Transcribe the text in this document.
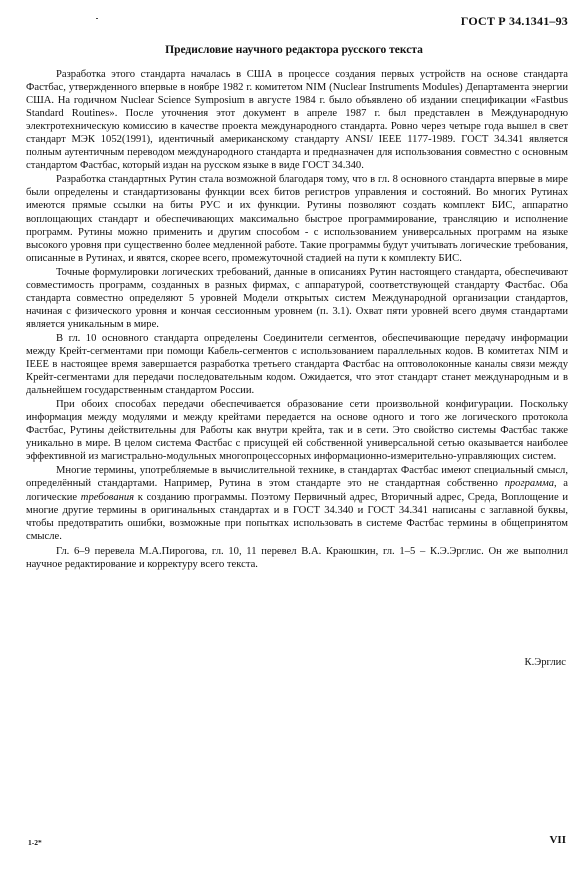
ГОСТ Р 34.1341–93
Предисловие научного редактора русского текста

Разработка этого стандарта началась в США в процессе создания первых устройств на основе стандарта Фастбас, утвержденного впервые в ноябре 1982 г. комитетом NIM (Nuclear Instruments Modules) Департамента энергии США. На годичном Nuclear Science Symposium в августе 1984 г. было объявлено об издании спецификации «Fastbus Standard Routines». После уточнения этот документ в апреле 1987 г. был представлен в Международную электротехническую комиссию в качестве проекта международного стандарта. Ровно через четыре года вышел в свет стандарт МЭК 1052(1991), идентичный американскому стандарту ANSI/ IEEE 1177-1989. ГОСТ 34.341 является полным аутентичным переводом международного стандарта и предназначен для использования совместно с основным стандартом Фастбас, который издан на русском языке в виде ГОСТ 34.340.

Разработка стандартных Рутин стала возможной благодаря тому, что в гл. 8 основного стандарта впервые в мире были определены и стандартизованы функции всех битов регистров управления и состояний. Во многих Рутинах имеются прямые ссылки на биты РУС и их функции. Рутины позволяют создать комплект БИС, аппаратно воплощающих стандарт и обеспечивающих максимально быстрое программирование, трансляцию и исполнение программ. Рутины можно применить и другим способом - с использованием универсальных программ на языке высокого уровня при существенно более медленной работе. Такие программы будут учитывать логические требования, описанные в Рутинах, и явятся, скорее всего, промежуточной стадией на пути к комплекту БИС.

Точные формулировки логических требований, данные в описаниях Рутин настоящего стандарта, обеспечивают совместимость программ, созданных в разных фирмах, с аппаратурой, соответствующей стандарту Фастбас. Оба стандарта совместно определяют 5 уровней Модели открытых систем Международной организации стандартов, начиная с физического уровня и кончая сессионным уровнем (п. 3.1). Охват пяти уровней всего двумя стандартами является уникальным в мире.

В гл. 10 основного стандарта определены Соединители сегментов, обеспечивающие передачу информации между Крейт-сегментами при помощи Кабель-сегментов с использованием параллельных кодов. В комитетах NIM и IEEE в настоящее время завершается разработка третьего стандарта Фастбас на оптоволоконные каналы связи между Крейт-сегментами для передачи последовательным кодом. Ожидается, что этот стандарт станет международным и в дальнейшем государственным стандартом России.

При обоих способах передачи обеспечивается образование сети произвольной конфигурации. Поскольку информация между модулями и между крейтами передается на основе одного и того же логического протокола Фастбас, Рутины действительны для Работы как внутри крейта, так и в сети. Это свойство системы Фастбас также уникально в мире. В целом система Фастбас с присущей ей собственной универсальной сетью оказывается наиболее эффективной из магистрально-модульных многопроцессорных информационно-измерительно-управляющих систем.

Многие термины, употребляемые в вычислительной технике, в стандартах Фастбас имеют специальный смысл, определённый стандартами. Например, Рутина в этом стандарте это не стандартная собственно программа, а логические требования к созданию программы. Поэтому Первичный адрес, Вторичный адрес, Среда, Воплощение и многие другие термины в оригинальных стандартах и в ГОСТ 34.340 и ГОСТ 34.341 написаны с заглавной буквы, чтобы предотвратить ошибки, возможные при попытках использовать в системе Фастбас термины в общепринятом смысле.

Гл. 6–9 перевела М.А.Пирогова, гл. 10, 11 перевел В.А. Краюшкин, гл. 1–5 – К.Э.Эрглис. Он же выполнил научное редактирование и корректуру всего текста.

К.Эрглис
1-2*	VII
